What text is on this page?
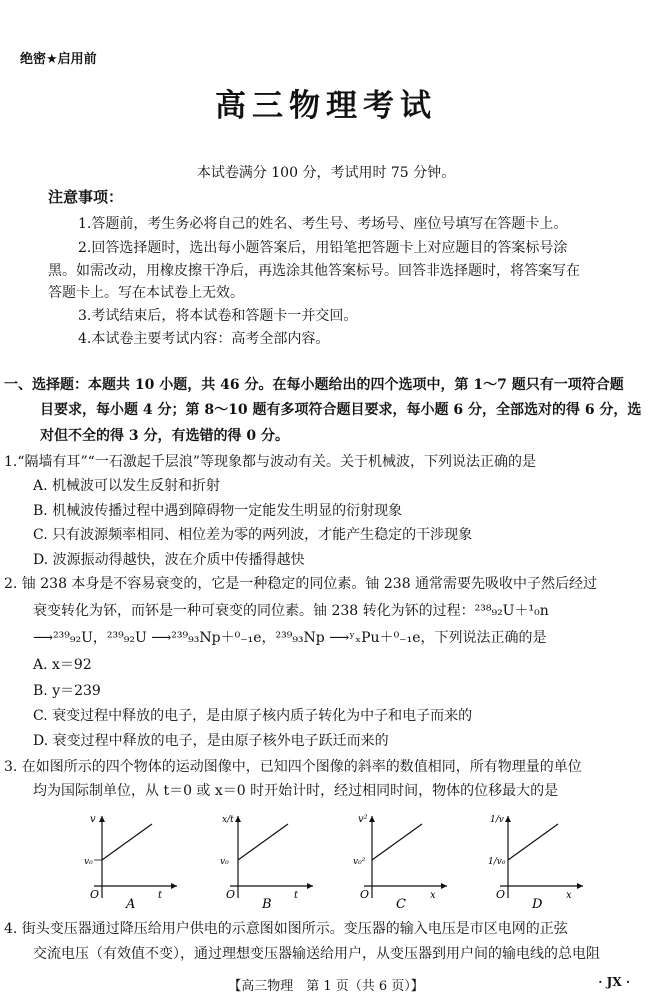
绝密★启用前
高三物理考试
本试卷满分 100 分，考试用时 75 分钟。
注意事项：
1.答题前，考生务必将自己的姓名、考生号、考场号、座位号填写在答题卡上。
2.回答选择题时，选出每小题答案后，用铅笔把答题卡上对应题目的答案标号涂
黑。如需改动，用橡皮擦干净后，再选涂其他答案标号。回答非选择题时，将答案写在
答题卡上。写在本试卷上无效。
3.考试结束后，将本试卷和答题卡一并交回。
4.本试卷主要考试内容：高考全部内容。
一、选择题：本题共 10 小题，共 46 分。在每小题给出的四个选项中，第 1～7 题只有一项符合题
目要求，每小题 4 分；第 8～10 题有多项符合题目要求，每小题 6 分，全部选对的得 6 分，选
对但不全的得 3 分，有选错的得 0 分。
1.“隔墙有耳”“一石激起千层浪”等现象都与波动有关。关于机械波，下列说法正确的是
A. 机械波可以发生反射和折射
B. 机械波传播过程中遇到障碍物一定能发生明显的衍射现象
C. 只有波源频率相同、相位差为零的两列波，才能产生稳定的干涉现象
D. 波源振动得越快，波在介质中传播得越快
2. 铀 238 本身是不容易衰变的，它是一种稳定的同位素。铀 238 通常需要先吸收中子然后经过
衰变转化为钚，而钚是一种可衰变的同位素。铀 238 转化为钚的过程：²³⁸₉₂U＋¹₀n
⟶²³⁹₉₂U，²³⁹₉₂U ⟶²³⁹₉₃Np＋⁰₋₁e，²³⁹₉₃Np ⟶ʸₓPu＋⁰₋₁e，下列说法正确的是
A. x＝92
B. y＝239
C. 衰变过程中释放的电子，是由原子核内质子转化为中子和电子而来的
D. 衰变过程中释放的电子，是由原子核外电子跃迁而来的
3. 在如图所示的四个物体的运动图像中，已知四个图像的斜率的数值相同，所有物理量的单位
均为国际制单位，从 t＝0 或 x＝0 时开始计时，经过相同时间，物体的位移最大的是
v
v₀
O	t
A
x/t
v₀
O	t
B
v²
v₀²
O	x
C
1/v
1/v₀
O	x
D
4. 街头变压器通过降压给用户供电的示意图如图所示。变压器的输入电压是市区电网的正弦
交流电压（有效值不变），通过理想变压器输送给用户，从变压器到用户间的输电线的总电阻
【高三物理　第 1 页（共 6 页）】	· JX ·
